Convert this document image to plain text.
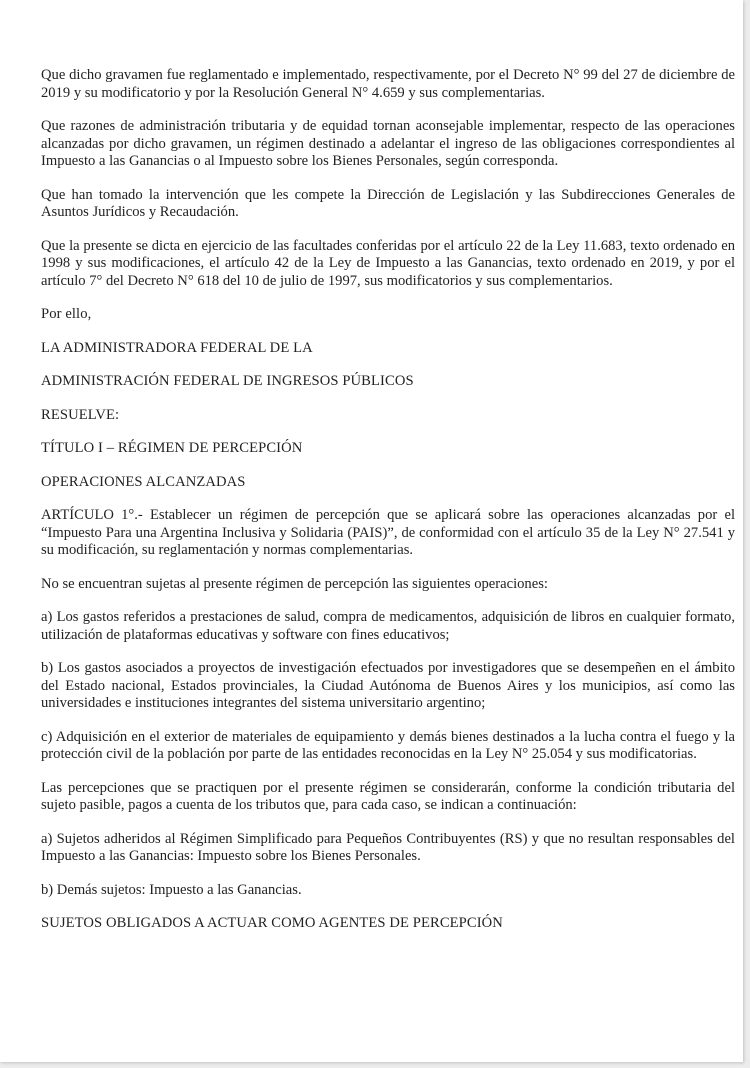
Que dicho gravamen fue reglamentado e implementado, respectivamente, por el Decreto N° 99 del 27 de diciembre de 2019 y su modificatorio y por la Resolución General N° 4.659 y sus complementarias.

Que razones de administración tributaria y de equidad tornan aconsejable implementar, respecto de las operaciones alcanzadas por dicho gravamen, un régimen destinado a adelantar el ingreso de las obligaciones correspondientes al Impuesto a las Ganancias o al Impuesto sobre los Bienes Personales, según corresponda.

Que han tomado la intervención que les compete la Dirección de Legislación y las Subdirecciones Generales de Asuntos Jurídicos y Recaudación.

Que la presente se dicta en ejercicio de las facultades conferidas por el artículo 22 de la Ley 11.683, texto ordenado en 1998 y sus modificaciones, el artículo 42 de la Ley de Impuesto a las Ganancias, texto ordenado en 2019, y por el artículo 7° del Decreto N° 618 del 10 de julio de 1997, sus modificatorios y sus complementarios.

Por ello,

LA ADMINISTRADORA FEDERAL DE LA

ADMINISTRACIÓN FEDERAL DE INGRESOS PÚBLICOS

RESUELVE:

TÍTULO I – RÉGIMEN DE PERCEPCIÓN

OPERACIONES ALCANZADAS

ARTÍCULO 1°.- Establecer un régimen de percepción que se aplicará sobre las operaciones alcanzadas por el “Impuesto Para una Argentina Inclusiva y Solidaria (PAIS)”, de conformidad con el artículo 35 de la Ley N° 27.541 y su modificación, su reglamentación y normas complementarias.

No se encuentran sujetas al presente régimen de percepción las siguientes operaciones:

a) Los gastos referidos a prestaciones de salud, compra de medicamentos, adquisición de libros en cualquier formato, utilización de plataformas educativas y software con fines educativos;

b) Los gastos asociados a proyectos de investigación efectuados por investigadores que se desempeñen en el ámbito del Estado nacional, Estados provinciales, la Ciudad Autónoma de Buenos Aires y los municipios, así como las universidades e instituciones integrantes del sistema universitario argentino;

c) Adquisición en el exterior de materiales de equipamiento y demás bienes destinados a la lucha contra el fuego y la protección civil de la población por parte de las entidades reconocidas en la Ley N° 25.054 y sus modificatorias.

Las percepciones que se practiquen por el presente régimen se considerarán, conforme la condición tributaria del sujeto pasible, pagos a cuenta de los tributos que, para cada caso, se indican a continuación:

a) Sujetos adheridos al Régimen Simplificado para Pequeños Contribuyentes (RS) y que no resultan responsables del Impuesto a las Ganancias: Impuesto sobre los Bienes Personales.

b) Demás sujetos: Impuesto a las Ganancias.

SUJETOS OBLIGADOS A ACTUAR COMO AGENTES DE PERCEPCIÓN
